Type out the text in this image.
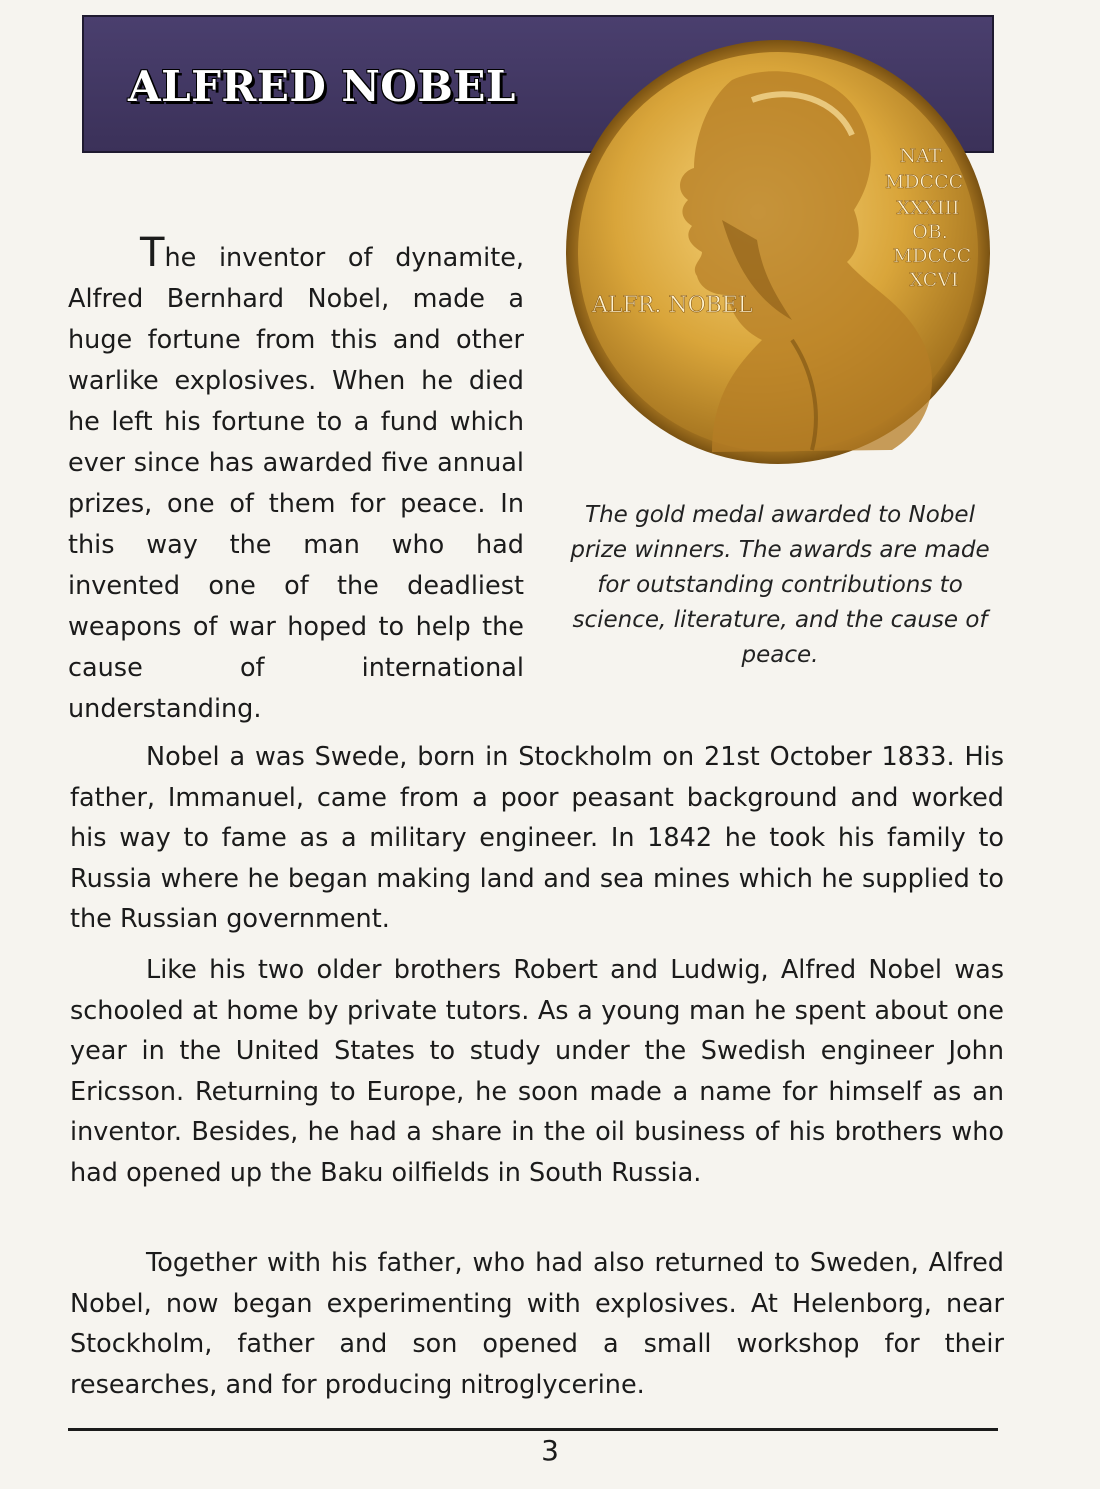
ALFRED NOBEL
ALFR. NOBEL
NAT.
MDCCC
XXXIII
OB.
MDCCC
XCVI

The gold medal awarded to Nobel prize winners. The awards are made for outstanding contributions to science, literature, and the cause of peace.

The inventor of dynamite, Alfred Bernhard Nobel, made a huge fortune from this and other warlike explosives. When he died he left his fortune to a fund which ever since has awarded five annual prizes, one of them for peace. In this way the man who had invented one of the deadliest weapons of war hoped to help the cause of international understanding.

Nobel a was Swede, born in Stockholm on 21st October 1833. His father, Immanuel, came from a poor peasant background and worked his way to fame as a military engineer. In 1842 he took his family to Russia where he began making land and sea mines which he supplied to the Russian government.

Like his two older brothers Robert and Ludwig, Alfred Nobel was schooled at home by private tutors. As a young man he spent about one year in the United States to study under the Swedish engineer John Ericsson. Returning to Europe, he soon made a name for himself as an inventor. Besides, he had a share in the oil business of his brothers who had opened up the Baku oilfields in South Russia.

Together with his father, who had also returned to Sweden, Alfred Nobel, now began experimenting with explosives. At Helenborg, near Stockholm, father and son opened a small workshop for their researches, and for producing nitroglycerine.

3
